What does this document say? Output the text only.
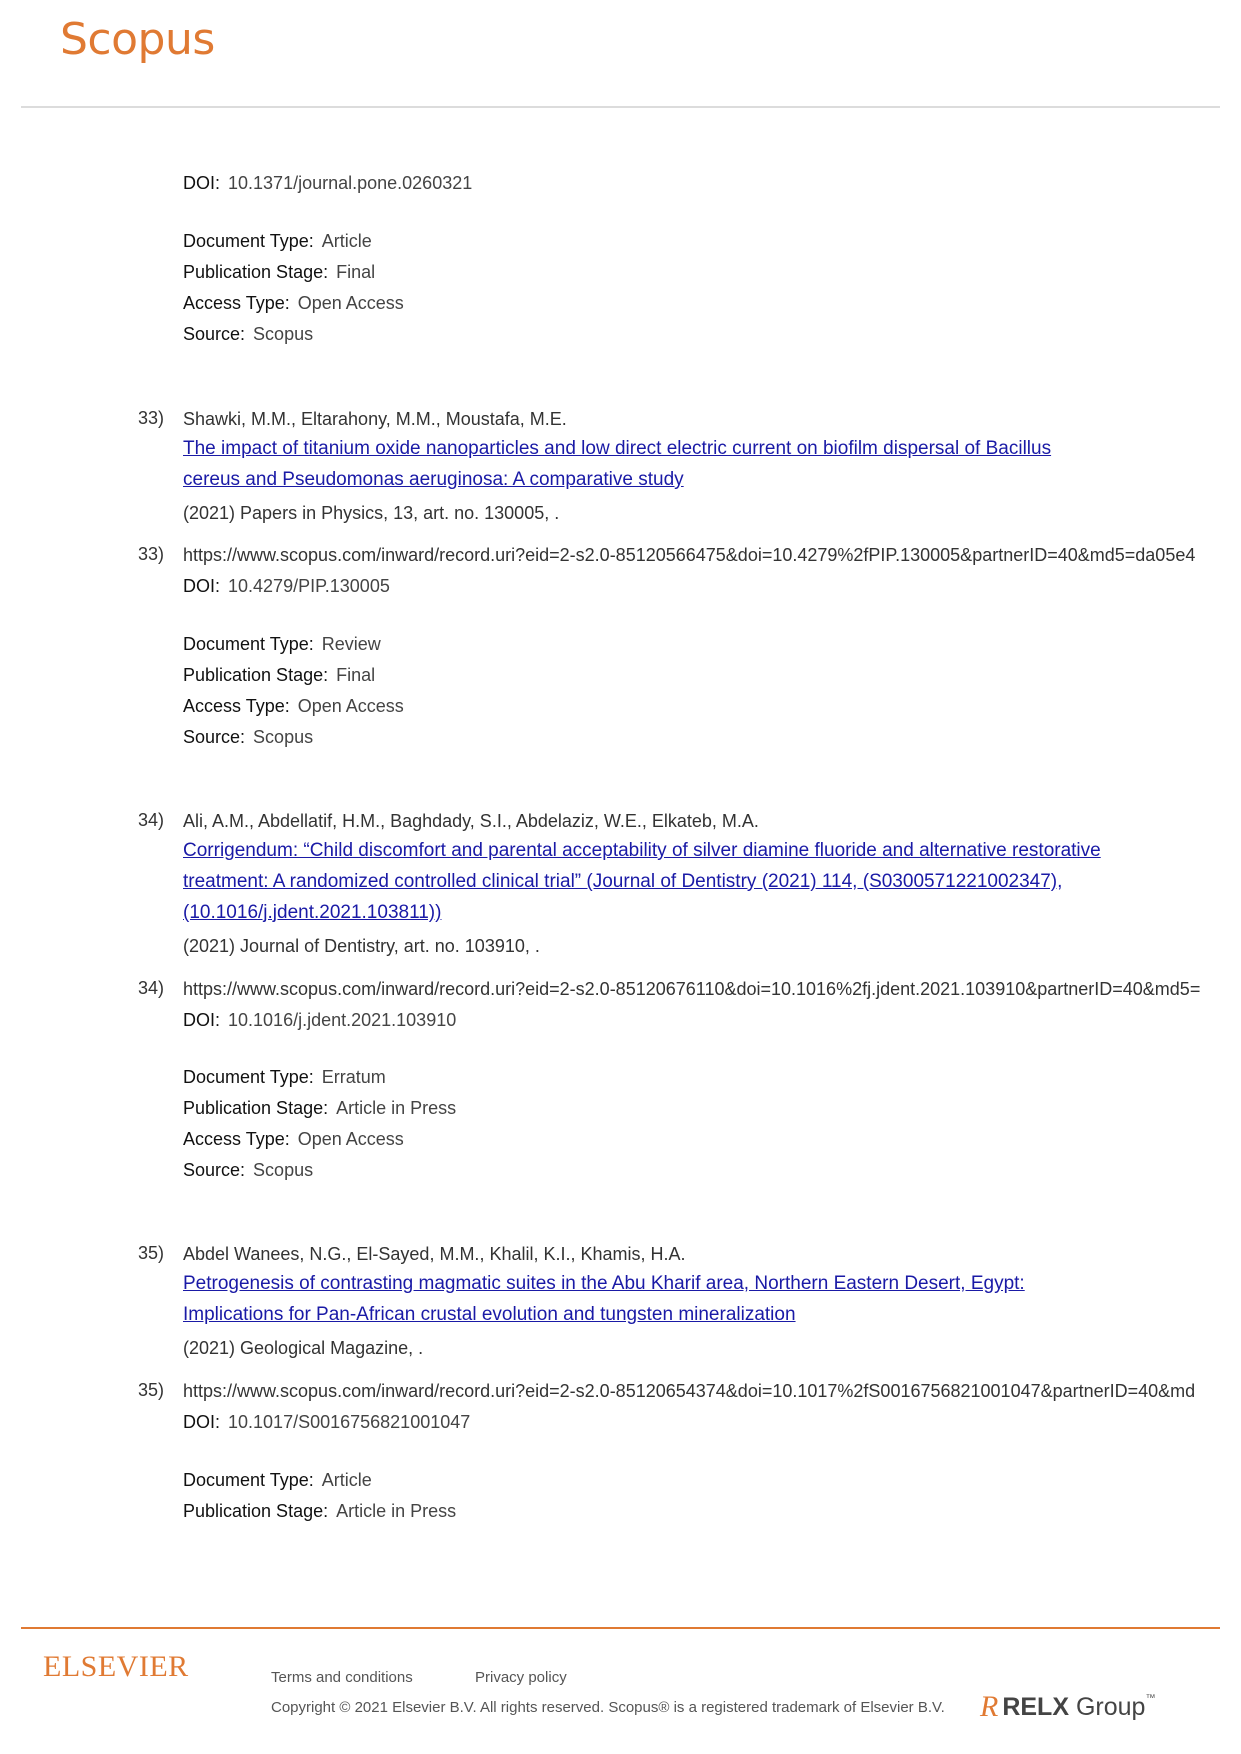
Scopus
DOI: 10.1371/journal.pone.0260321
Document Type: Article
Publication Stage: Final
Access Type: Open Access
Source: Scopus
33) Shawki, M.M., Eltarahony, M.M., Moustafa, M.E.
The impact of titanium oxide nanoparticles and low direct electric current on biofilm dispersal of Bacillus cereus and Pseudomonas aeruginosa: A comparative study
(2021) Papers in Physics, 13, art. no. 130005, .
33) https://www.scopus.com/inward/record.uri?eid=2-s2.0-85120566475&doi=10.4279%2fPIP.130005&partnerID=40&md5=da05e4
DOI: 10.4279/PIP.130005
Document Type: Review
Publication Stage: Final
Access Type: Open Access
Source: Scopus
34) Ali, A.M., Abdellatif, H.M., Baghdady, S.I., Abdelaziz, W.E., Elkateb, M.A.
Corrigendum: “Child discomfort and parental acceptability of silver diamine fluoride and alternative restorative treatment: A randomized controlled clinical trial” (Journal of Dentistry (2021) 114, (S0300571221002347), (10.1016/j.jdent.2021.103811))
(2021) Journal of Dentistry, art. no. 103910, .
34) https://www.scopus.com/inward/record.uri?eid=2-s2.0-85120676110&doi=10.1016%2fj.jdent.2021.103910&partnerID=40&md5=
DOI: 10.1016/j.jdent.2021.103910
Document Type: Erratum
Publication Stage: Article in Press
Access Type: Open Access
Source: Scopus
35) Abdel Wanees, N.G., El-Sayed, M.M., Khalil, K.I., Khamis, H.A.
Petrogenesis of contrasting magmatic suites in the Abu Kharif area, Northern Eastern Desert, Egypt: Implications for Pan-African crustal evolution and tungsten mineralization
(2021) Geological Magazine, .
35) https://www.scopus.com/inward/record.uri?eid=2-s2.0-85120654374&doi=10.1017%2fS0016756821001047&partnerID=40&md
DOI: 10.1017/S0016756821001047
Document Type: Article
Publication Stage: Article in Press
ELSEVIER	Terms and conditions	Privacy policy
Copyright © 2021 Elsevier B.V. All rights reserved. Scopus® is a registered trademark of Elsevier B.V. R RELX Group™
